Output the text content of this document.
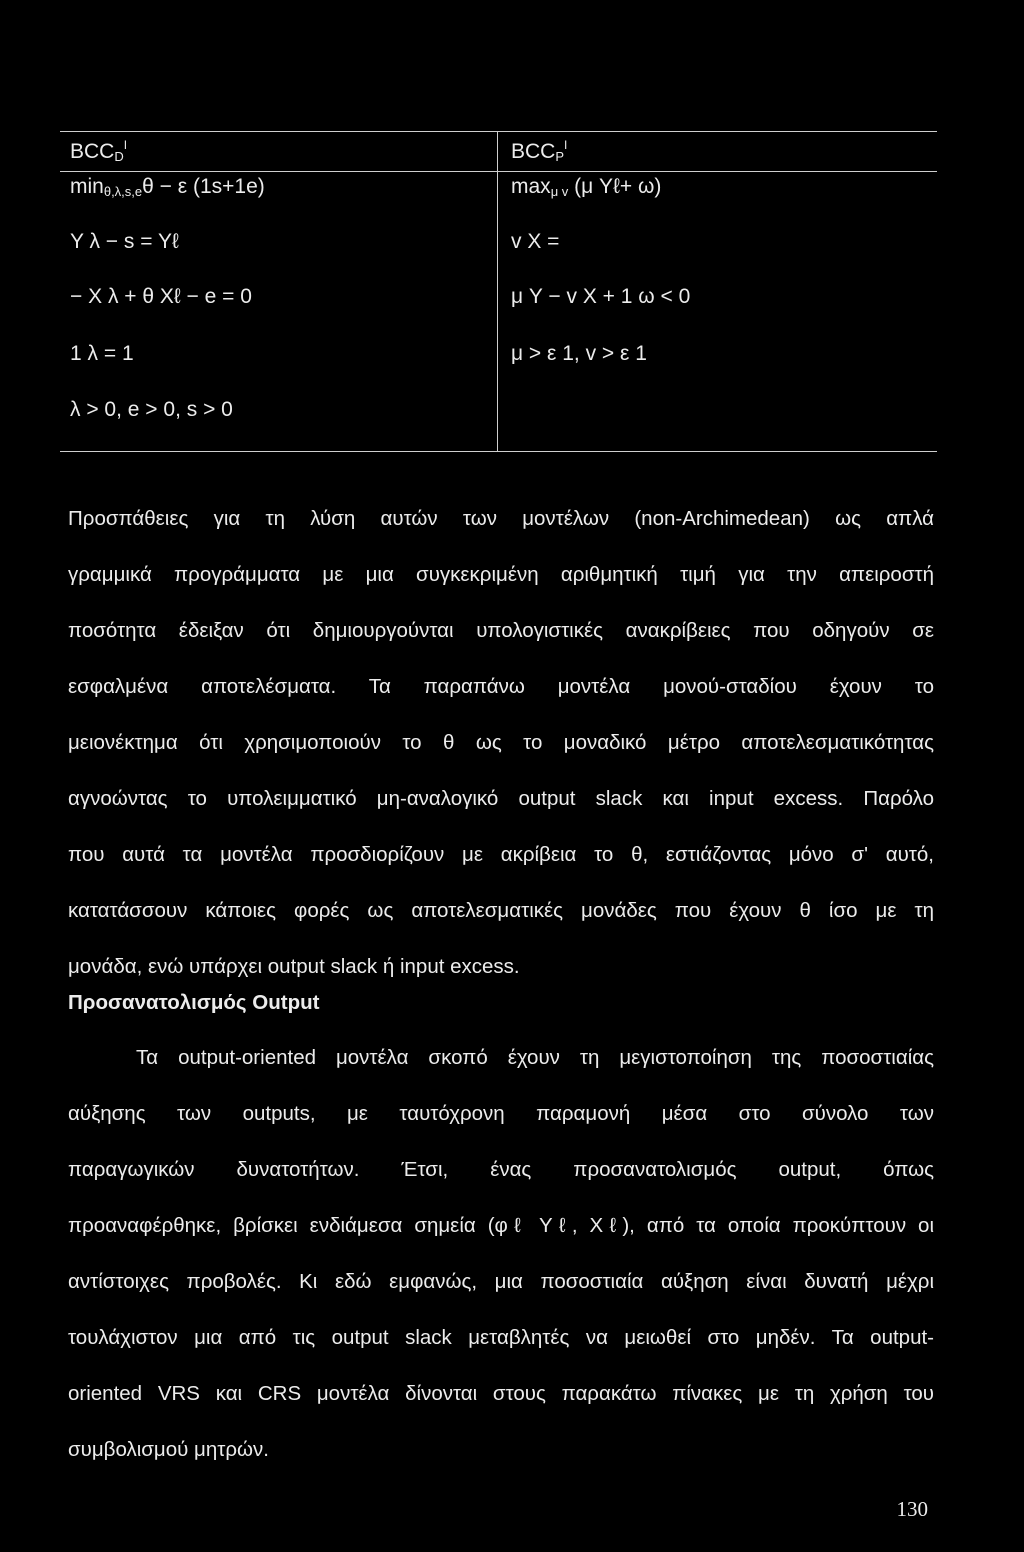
$BCC_D^I$
$\min_{\theta,\lambda,s,e}\theta - \varepsilon$ (1s+1e)
Y λ − s = Yℓ
− X λ + θ Xℓ − e = 0
1 λ = 1
λ > 0, e > 0, s > 0
$BCC_P^I$
$\max_{\mu v} (\mu$ Yℓ+ ω)
v X =
μ Y − v X + 1 ω < 0
μ > ε 1, v > ε 1
Προσπάθειες για τη λύση αυτών των μοντέλων (non-Archimedean) ως απλά
γραμμικά προγράμματα με μια συγκεκριμένη αριθμητική τιμή για την απειροστή
ποσότητα έδειξαν ότι δημιουργούνται υπολογιστικές ανακρίβειες που οδηγούν σε
εσφαλμένα αποτελέσματα. Τα παραπάνω μοντέλα μονού-σταδίου έχουν το
μειονέκτημα ότι χρησιμοποιούν το θ ως το μοναδικό μέτρο αποτελεσματικότητας
αγνοώντας το υπολειμματικό μη-αναλογικό output slack και input excess. Παρόλο
που αυτά τα μοντέλα προσδιορίζουν με ακρίβεια το θ, εστιάζοντας μόνο σ' αυτό,
κατατάσσουν κάποιες φορές ως αποτελεσματικές μονάδες που έχουν θ ίσο με τη
μονάδα, ενώ υπάρχει output slack ή input excess.
Προσανατολισμός Output
Τα output-oriented μοντέλα σκοπό έχουν τη μεγιστοποίηση της ποσοστιαίας
αύξησης των outputs, με ταυτόχρονη παραμονή μέσα στο σύνολο των
παραγωγικών δυνατοτήτων. Έτσι, ένας προσανατολισμός output, όπως
προαναφέρθηκε, βρίσκει ενδιάμεσα σημεία (φℓ Yℓ, Xℓ), από τα οποία προκύπτουν οι
αντίστοιχες προβολές. Κι εδώ εμφανώς, μια ποσοστιαία αύξηση είναι δυνατή μέχρι
τουλάχιστον μια από τις output slack μεταβλητές να μειωθεί στο μηδέν. Τα output-
oriented VRS και CRS μοντέλα δίνονται στους παρακάτω πίνακες με τη χρήση του
συμβολισμού μητρών.
130
